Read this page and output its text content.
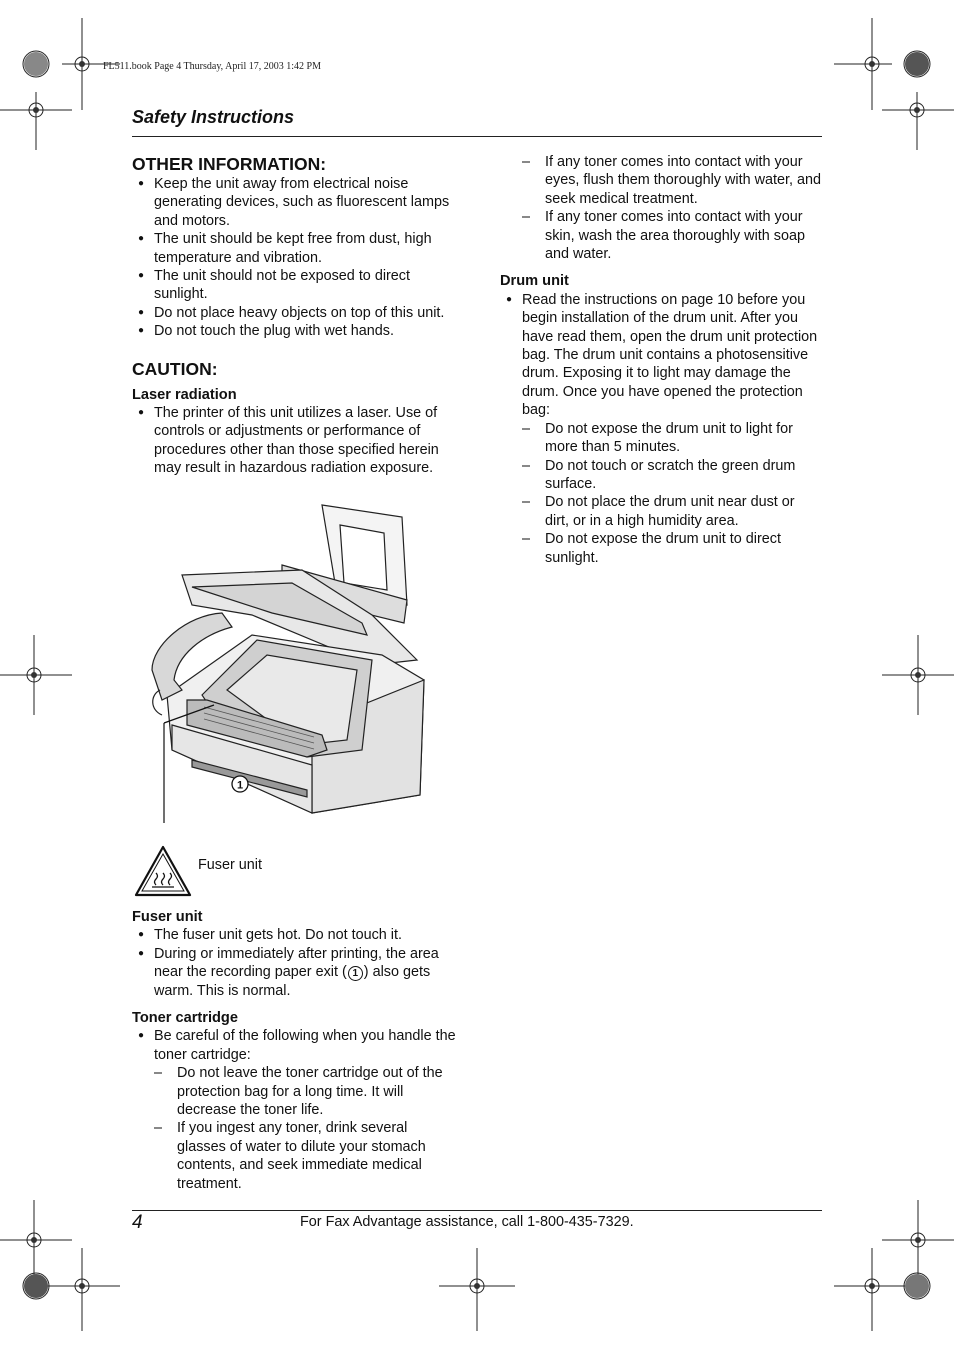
FL511.book Page 4 Thursday, April 17, 2003 1:42 PM
Safety Instructions
OTHER INFORMATION:
● Keep the unit away from electrical noise generating devices, such as fluorescent lamps and motors.
● The unit should be kept free from dust, high temperature and vibration.
● The unit should not be exposed to direct sunlight.
● Do not place heavy objects on top of this unit.
● Do not touch the plug with wet hands.
CAUTION:
Laser radiation
● The printer of this unit utilizes a laser. Use of controls or adjustments or performance of procedures other than those specified herein may result in hazardous radiation exposure.
1
Fuser unit
Fuser unit
● The fuser unit gets hot. Do not touch it.
● During or immediately after printing, the area near the recording paper exit ( 1 ) also gets warm. This is normal.
Toner cartridge
● Be careful of the following when you handle the toner cartridge:
– Do not leave the toner cartridge out of the protection bag for a long time. It will decrease the toner life.
– If you ingest any toner, drink several glasses of water to dilute your stomach contents, and seek immediate medical treatment.
– If any toner comes into contact with your eyes, flush them thoroughly with water, and seek medical treatment.
– If any toner comes into contact with your skin, wash the area thoroughly with soap and water.
Drum unit
● Read the instructions on page 10 before you begin installation of the drum unit. After you have read them, open the drum unit protection bag. The drum unit contains a photosensitive drum. Exposing it to light may damage the drum. Once you have opened the protection bag:
– Do not expose the drum unit to light for more than 5 minutes.
– Do not touch or scratch the green drum surface.
– Do not place the drum unit near dust or dirt, or in a high humidity area.
– Do not expose the drum unit to direct sunlight.
4	For Fax Advantage assistance, call 1-800-435-7329.
